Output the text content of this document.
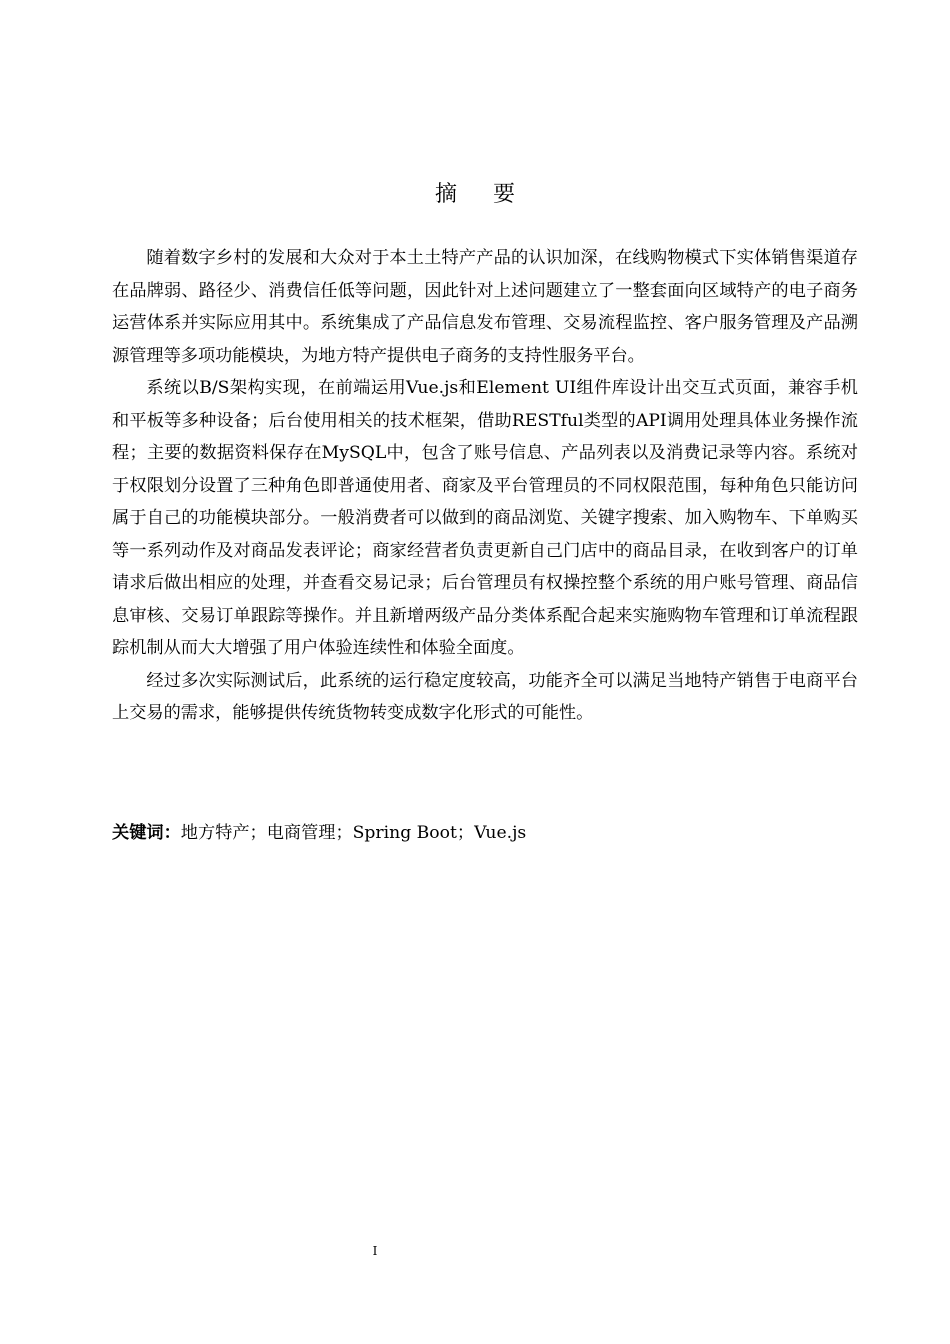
摘要

随着数字乡村的发展和大众对于本土土特产产品的认识加深，在线购物模式下实体销售渠道存在品牌弱、路径少、消费信任低等问题，因此针对上述问题建立了一整套面向区域特产的电子商务运营体系并实际应用其中。系统集成了产品信息发布管理、交易流程监控、客户服务管理及产品溯源管理等多项功能模块，为地方特产提供电子商务的支持性服务平台。

系统以B/S架构实现，在前端运用Vue.js和Element UI组件库设计出交互式页面，兼容手机和平板等多种设备；后台使用相关的技术框架，借助RESTful类型的API调用处理具体业务操作流程；主要的数据资料保存在MySQL中，包含了账号信息、产品列表以及消费记录等内容。系统对于权限划分设置了三种角色即普通使用者、商家及平台管理员的不同权限范围，每种角色只能访问属于自己的功能模块部分。一般消费者可以做到的商品浏览、关键字搜索、加入购物车、下单购买等一系列动作及对商品发表评论；商家经营者负责更新自己门店中的商品目录，在收到客户的订单请求后做出相应的处理，并查看交易记录；后台管理员有权操控整个系统的用户账号管理、商品信息审核、交易订单跟踪等操作。并且新增两级产品分类体系配合起来实施购物车管理和订单流程跟踪机制从而大大增强了用户体验连续性和体验全面度。

经过多次实际测试后，此系统的运行稳定度较高，功能齐全可以满足当地特产销售于电商平台上交易的需求，能够提供传统货物转变成数字化形式的可能性。

关键词：地方特产；电商管理；Spring Boot；Vue.js

I
